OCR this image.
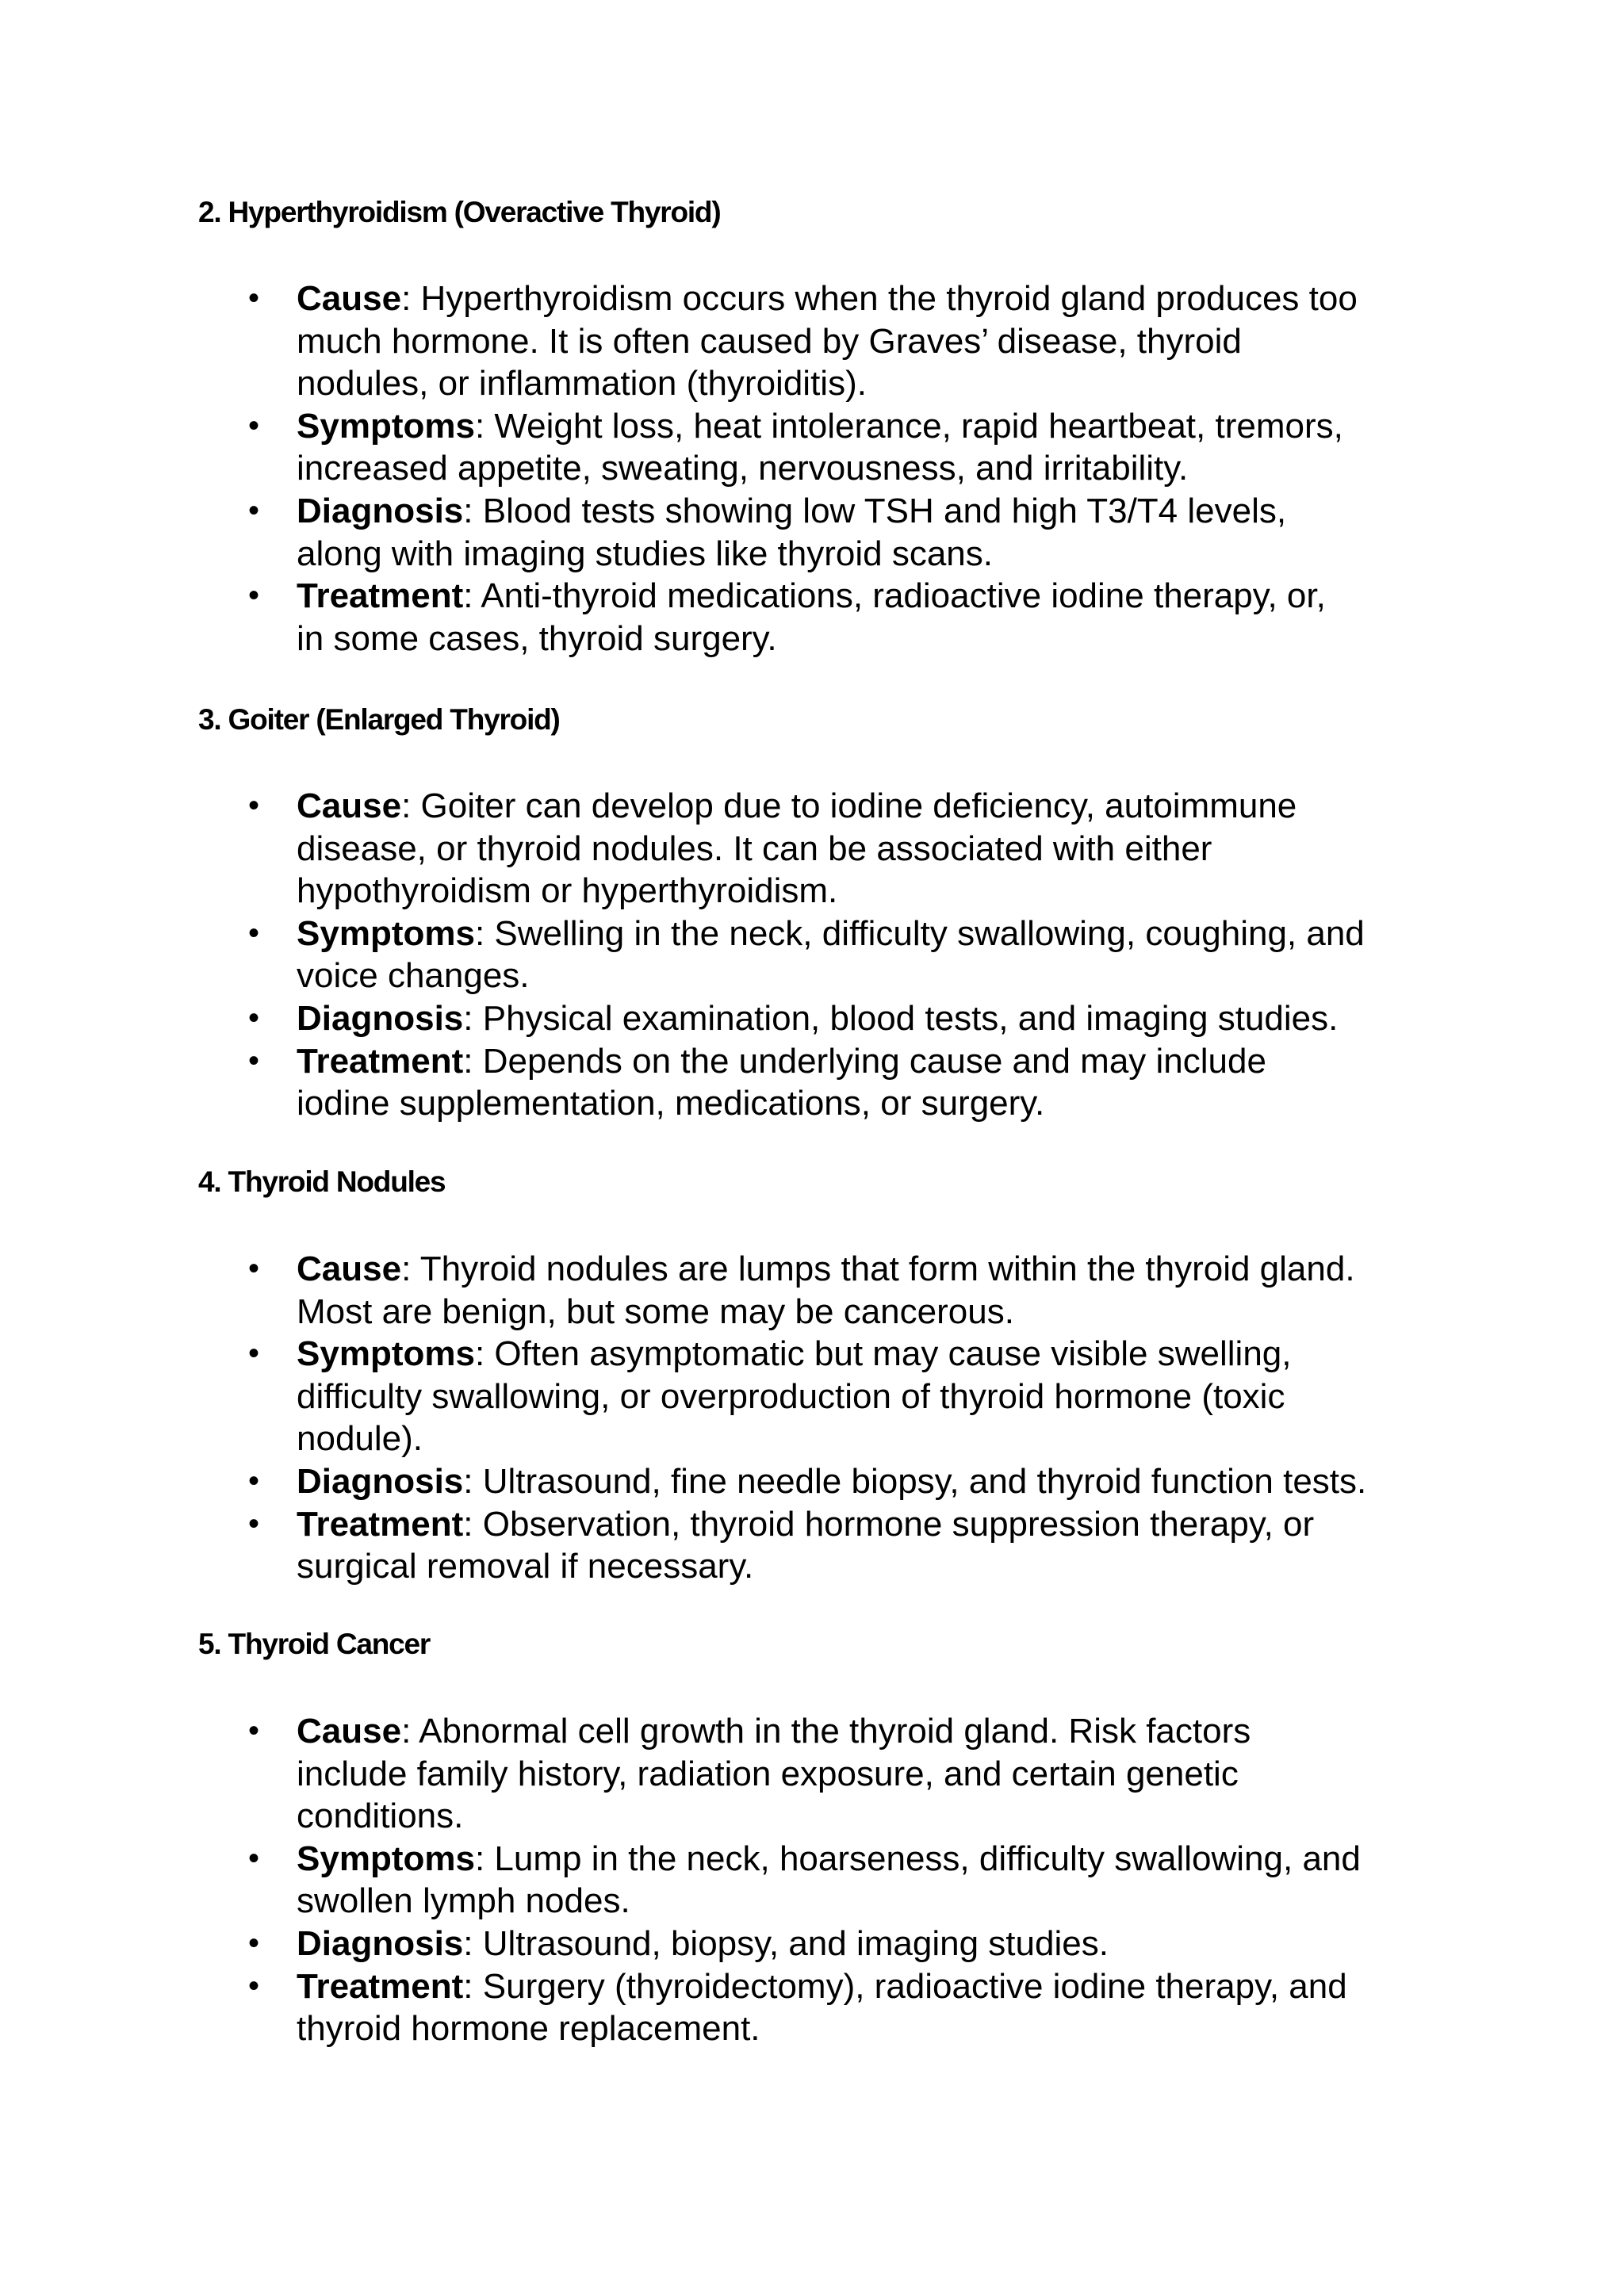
2. Hyperthyroidism (Overactive Thyroid)
• Cause: Hyperthyroidism occurs when the thyroid gland produces too
much hormone. It is often caused by Graves’ disease, thyroid
nodules, or inflammation (thyroiditis).
• Symptoms: Weight loss, heat intolerance, rapid heartbeat, tremors,
increased appetite, sweating, nervousness, and irritability.
• Diagnosis: Blood tests showing low TSH and high T3/T4 levels,
along with imaging studies like thyroid scans.
• Treatment: Anti-thyroid medications, radioactive iodine therapy, or,
in some cases, thyroid surgery.
3. Goiter (Enlarged Thyroid)
• Cause: Goiter can develop due to iodine deficiency, autoimmune
disease, or thyroid nodules. It can be associated with either
hypothyroidism or hyperthyroidism.
• Symptoms: Swelling in the neck, difficulty swallowing, coughing, and
voice changes.
• Diagnosis: Physical examination, blood tests, and imaging studies.
• Treatment: Depends on the underlying cause and may include
iodine supplementation, medications, or surgery.
4. Thyroid Nodules
• Cause: Thyroid nodules are lumps that form within the thyroid gland.
Most are benign, but some may be cancerous.
• Symptoms: Often asymptomatic but may cause visible swelling,
difficulty swallowing, or overproduction of thyroid hormone (toxic
nodule).
• Diagnosis: Ultrasound, fine needle biopsy, and thyroid function tests.
• Treatment: Observation, thyroid hormone suppression therapy, or
surgical removal if necessary.
5. Thyroid Cancer
• Cause: Abnormal cell growth in the thyroid gland. Risk factors
include family history, radiation exposure, and certain genetic
conditions.
• Symptoms: Lump in the neck, hoarseness, difficulty swallowing, and
swollen lymph nodes.
• Diagnosis: Ultrasound, biopsy, and imaging studies.
• Treatment: Surgery (thyroidectomy), radioactive iodine therapy, and
thyroid hormone replacement.
